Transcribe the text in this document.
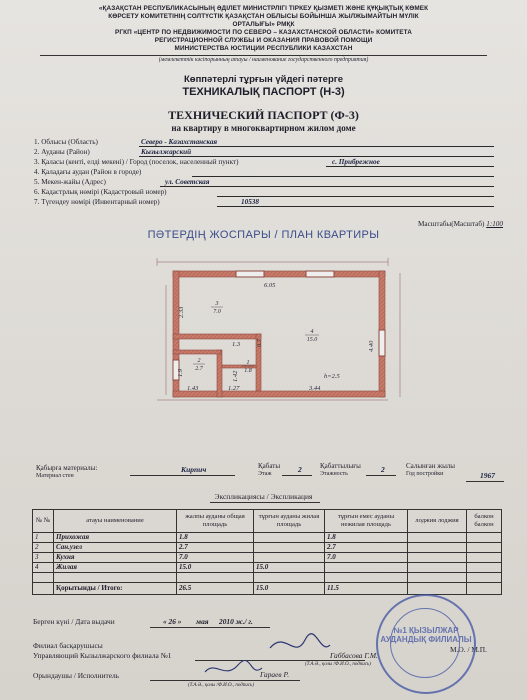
«ҚАЗАҚСТАН РЕСПУБЛИКАСЫНЫҢ ӘДІЛЕТ МИНИСТРЛІГІ ТІРКЕУ ҚЫЗМЕТІ ЖӘНЕ ҚҰҚЫҚТЫҚ КӨМЕК
КӨРСЕТУ КОМИТЕТІНІҢ СОЛТҮСТІК ҚАЗАҚСТАН ОБЛЫСЫ БОЙЫНША ЖЫЛЖЫМАЙТЫН МҮЛІК
ОРТАЛЫҒЫ» РМҚК
РГКП «ЦЕНТР ПО НЕДВИЖИМОСТИ ПО СЕВЕРО – КАЗАХСТАНСКОЙ ОБЛАСТИ» КОМИТЕТА
РЕГИСТРАЦИОННОЙ СЛУЖБЫ И ОКАЗАНИЯ ПРАВОВОЙ ПОМОЩИ
МИНИСТЕРСТВА ЮСТИЦИИ РЕСПУБЛИКИ КАЗАХСТАН
(мемлекеттік кәсіпорынның атауы / наименование государственного предприятия)
Көппәтерлі тұрғын үйдегі пәтерге
ТЕХНИКАЛЫҚ ПАСПОРТ (Н-3)
ТЕХНИЧЕСКИЙ ПАСПОРТ (Ф-3)
на квартиру в многоквартирном жилом доме
1. Облысы (Область)	Северо - Казахстанская
2. Ауданы (Район)	Кызылжарский
3. Қаласы (кенті, елді мекені) / Город (поселок, населенный пункт)	с. Прибрежное
4. Қаладағы аудан (Район в городе)
5. Мекен-жайы (Адрес)	ул. Советская
6. Кадастрлық нөмірі (Кадастровый номер)
7. Түгендеу нөмірі (Инвентарный номер)	10538
Масштабы(Масштаб) 1:100
ПӘТЕРДІҢ ЖОСПАРЫ / ПЛАН КВАРТИРЫ
6.05
2.33
1.9
4.40
1.42
1.43	1.27	3.44
1.3 0.7
h=2.5
3
7.0
4
15.0
2
2.7
1
1.8
Қабырға материалы:
Материал стен
Кирпич	Қабаты
Этаж	2	Қабаттылығы
Этажность	2	Салынған жылы
Год постройки	1967
Экспликациясы / Экспликация
№ №	атауы наименование	жалпы ауданы общая площадь	тұрғын ауданы жилая площадь	тұрғын емес ауданы нежилая площадь	лоджия лоджия	балкон балкон
1	Прихожая	1.8		1.8		
2	Сан.узел	2.7		2.7		
3	Кухня	7.0		7.0		
4	Жилая	15.0	15.0			

	Қорытынды / Итого:	26.5	15.0	11.5		
Берген күні / Дата выдачи	« 26 » мая 2010 ж./ г.
Филиал басқарушысы
Управляющий Кызылжарского филиала №1	Габбасова Г.М.
(Т.А.Ә., қолы /Ф.И.О., подпись)
Орындаушы / Исполнитель	Гараев Р.
(Т.А.Ә., қолы /Ф.И.О., подпись)
М.О. / М.П.
№1 ҚЫЗЫЛЖАР АУДАНДЫҚ ФИЛИАЛЫ
